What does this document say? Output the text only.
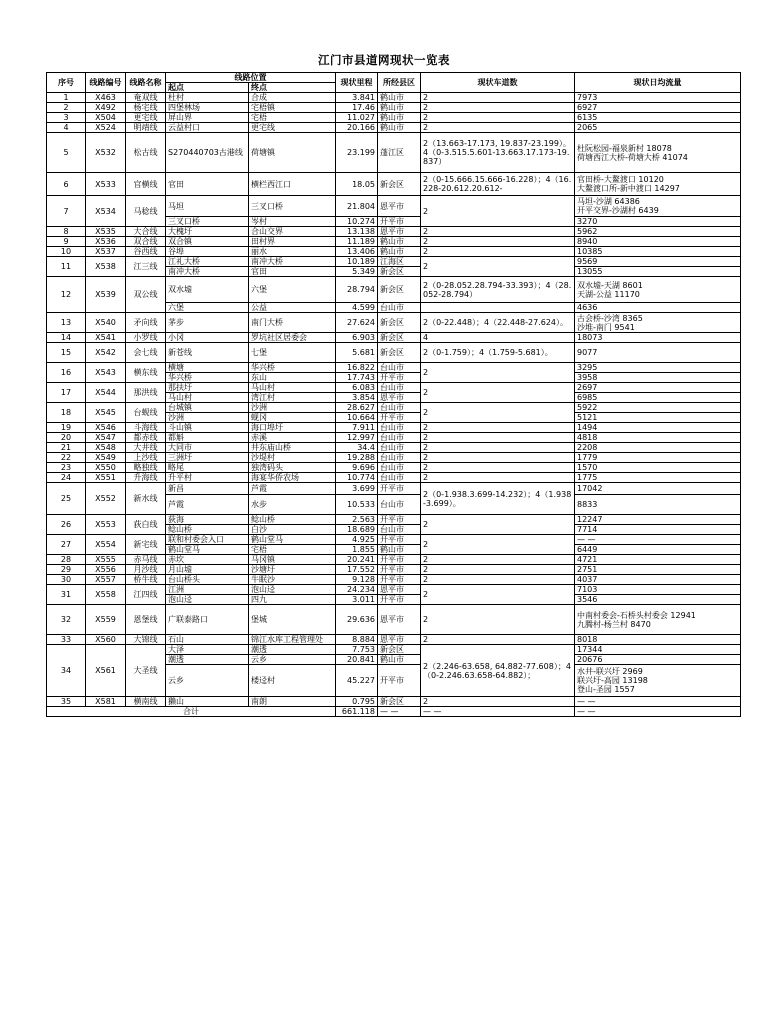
江门市县道网现状一览表
序号	线路编号	线路名称	线路位置		现状里程	所经县区	现状车道数	现状日均流量
			起点	终点				
1	X463	奄双线	杜村	合成	3.841	鹤山市	2	7973
2	X492	杨宅线	四堡林场	宅梧镇	17.46	鹤山市	2	6927
3	X504	更宅线	屏山界	宅梧	11.027	鹤山市	2	6135
4	X524	明靖线	云益村口	更宅线	20.166	鹤山市	2	2065
5	X532	松古线	S270440703古港线	荷塘镇	23.199	蓬江区	2（13.663-17.173, 19.837-23.199）。4（0-3.515.5.601-13.663.17.173-19.837）	杜阮松园-福泉新村 18078
荷塘西江大桥-荷塘大桥 41074

6	X533	官横线	官田	横栏西江口	18.05	新会区	2（0-15.666.15.666-16.228）；4（16.228-20.612.20.612-	官田桥-大鳌渡口 10120
大鳌渡口所-新中渡口 14297

7	X534	马稔线	马坦	三叉口桥	21.804	恩平市	2	马坦-沙湖 64386
开平交界-沙湖村 6439

			三叉口桥	岑村	10.274	开平市		3270
8	X535	大合线	大槐圩	合山交界	13.138	恩平市	2	5962
9	X536	双合线	双合镇	田村界	11.189	鹤山市	2	8940
10	X537	谷西线	谷埠	丽水	13.406	鹤山市	2	10385
11	X538	江三线	江礼大桥	南冲大桥	10.189	江海区	2	9569
			南冲大桥	官田	5.349	新会区		13055
12	X539	双公线	双水墟	六堡	28.794	新会区	2（0-28.052.28.794-33.393）；4（28.052-28.794）	双水墟-天湖 8601
天湖-公益 11170

			六堡	公益	4.599	台山市		4636
13	X540	矛向线	茅步	南门大桥	27.624	新会区	2（0-22.448）；4（22.448-27.624）。	古会桥-沙湾 8365
沙堆-南门 9541

14	X541	小罗线	小冈	罗坑社区居委会	6.903	新会区	4	18073
15	X542	会七线	新苍线	七堡	5.681	新会区	2（0-1.759）；4（1.759-5.681）。	9077
16	X543	横东线	横塘	华兴桥	16.822	台山市	2	3295
			华兴桥	东山	17.743	开平市		3958
17	X544	那洪线	那扶圩	马山村	6.083	台山市	2	2697
			马山村	湾江村	3.854	恩平市		6985
18	X545	台蚬线	台城镇	沙洲	28.627	台山市	2	5922
			沙洲	蚬冈	10.664	开平市		5121
19	X546	斗海线	斗山镇	海口埠圩	7.911	台山市	2	1494
20	X547	都赤线	都斛	赤溪	12.997	台山市	2	4818
21	X548	大井线	大同市	井东庙山桥	34.4	台山市	2	2208
22	X549	上沙线	三洲圩	沙堤村	19.288	台山市	2	1779
23	X550	略独线	略尾	独湾码头	9.696	台山市	2	1570
24	X551	升海线	升平村	海宴华侨农场	10.774	台山市	2	1775
25	X552	新水线	新昌	芦霞	3.699	开平市	2（0-1.938.3.699-14.232）；4（1.938-3.699）。	17042
			芦霞	水步	10.533	台山市		8833
26	X553	荻白线	荻海	鲶山桥	2.563	开平市	2	12247
			鲶山桥	白沙	18.689	台山市		7714
27	X554	新宅线	联和村委会入口	鹤山堂马	4.925	开平市	2	— —
			鹤山堂马	宅梧	1.855	鹤山市		6449
28	X555	赤马线	赤坎	马冈镇	20.241	开平市	2	4721
29	X556	月沙线	月山墟	沙塘圩	17.552	开平市	2	2751
30	X557	桥牛线	台山桥头	牛眠沙	9.128	开平市	2	4037
31	X558	江四线	江洲	泡山迳	24.234	恩平市	2	7103
			泡山迳	四九	3.011	开平市		3546
32	X559	恩堡线	广联泰路口	堡城	29.636	恩平市	2	中南村委会-石桥头村委会 12941
九腾村-杨兰村 8470

33	X560	大锦线	石山	锦江水库工程管理处	8.884	恩平市	2	8018
34	X561	大圣线	大泽	潮透	7.753	新会区	2（2.246-63.658, 64.882-77.608）；4（0-2.246.63.658-64.882）；	17344
			潮透	云乡	20.841	鹤山市		20676
			云乡	楼迳村	45.227	开平市		水井-联兴圩 2969
联兴圩-高园 13198
登山-圣园 1557

35	X581	横南线	獭山	南朗	0.795	新会区	2	— —
合计					661.118	— —	— —	— —
